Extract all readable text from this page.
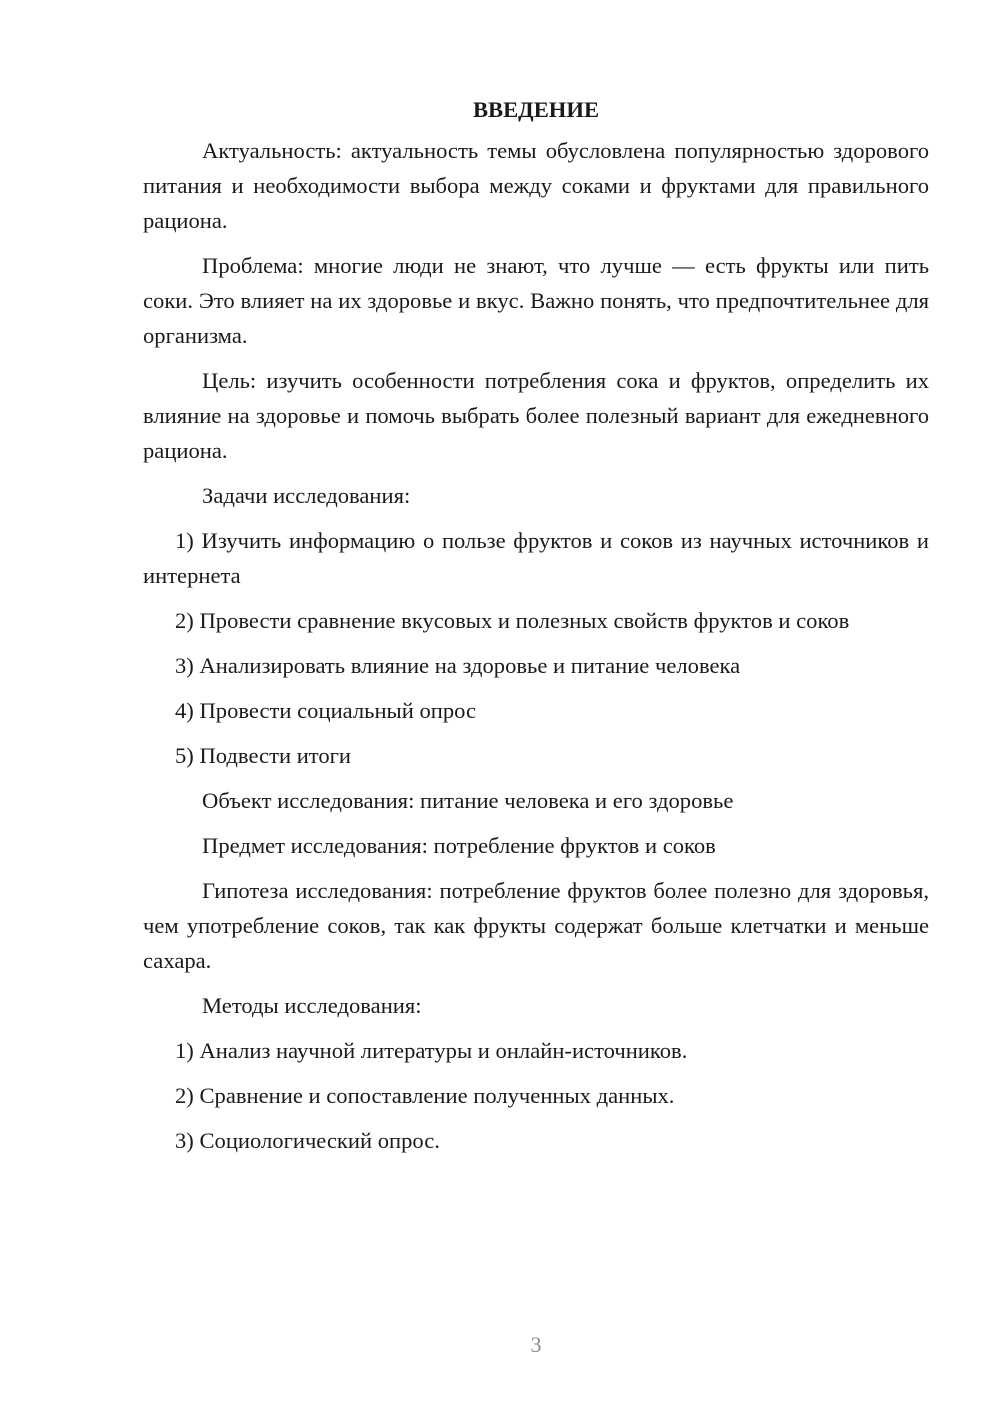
ВВЕДЕНИЕ

Актуальность: актуальность темы обусловлена популярностью здорового питания и необходимости выбора между соками и фруктами для правильного рациона.

Проблема: многие люди не знают, что лучше — есть фрукты или пить соки. Это влияет на их здоровье и вкус. Важно понять, что предпочтительнее для организма.

Цель: изучить особенности потребления сока и фруктов, определить их влияние на здоровье и помочь выбрать более полезный вариант для ежедневного рациона.

Задачи исследования:

1) Изучить информацию о пользе фруктов и соков из научных источников и интернета

2) Провести сравнение вкусовых и полезных свойств фруктов и соков

3) Анализировать влияние на здоровье и питание человека

4) Провести социальный опрос

5) Подвести итоги

Объект исследования: питание человека и его здоровье

Предмет исследования: потребление фруктов и соков

Гипотеза исследования: потребление фруктов более полезно для здоровья, чем употребление соков, так как фрукты содержат больше клетчатки и меньше сахара.

Методы исследования:

1) Анализ научной литературы и онлайн-источников.

2) Сравнение и сопоставление полученных данных.

3) Социологический опрос.

3
